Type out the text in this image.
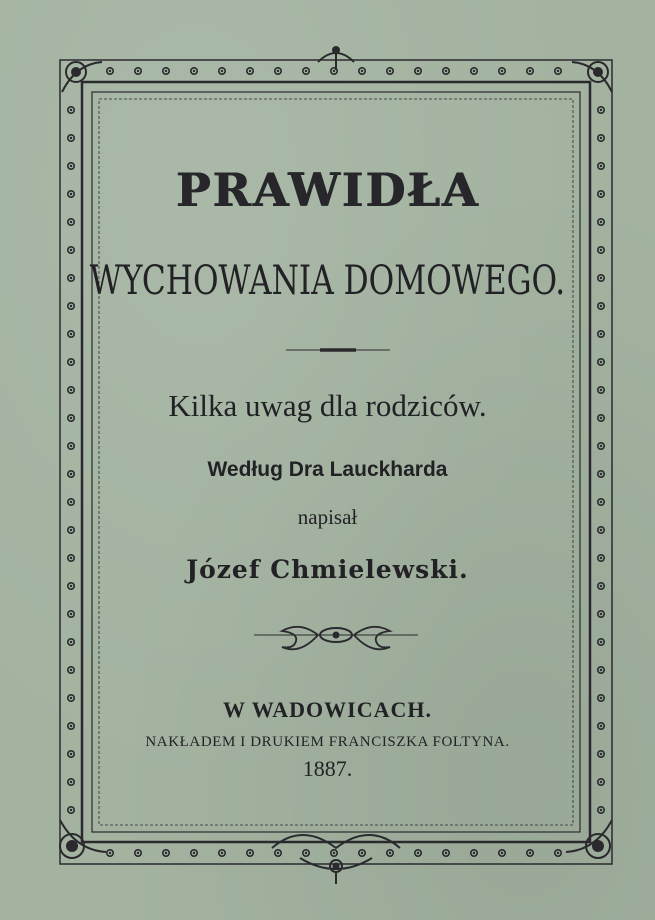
PRAWIDŁA
WYCHOWANIA DOMOWEGO.
Kilka uwag dla rodziców.
Według Dra Lauckharda
napisał
Józef Chmielewski.
W WADOWICACH.
NAKŁADEM I DRUKIEM FRANCISZKA FOLTYNA.
1887.
